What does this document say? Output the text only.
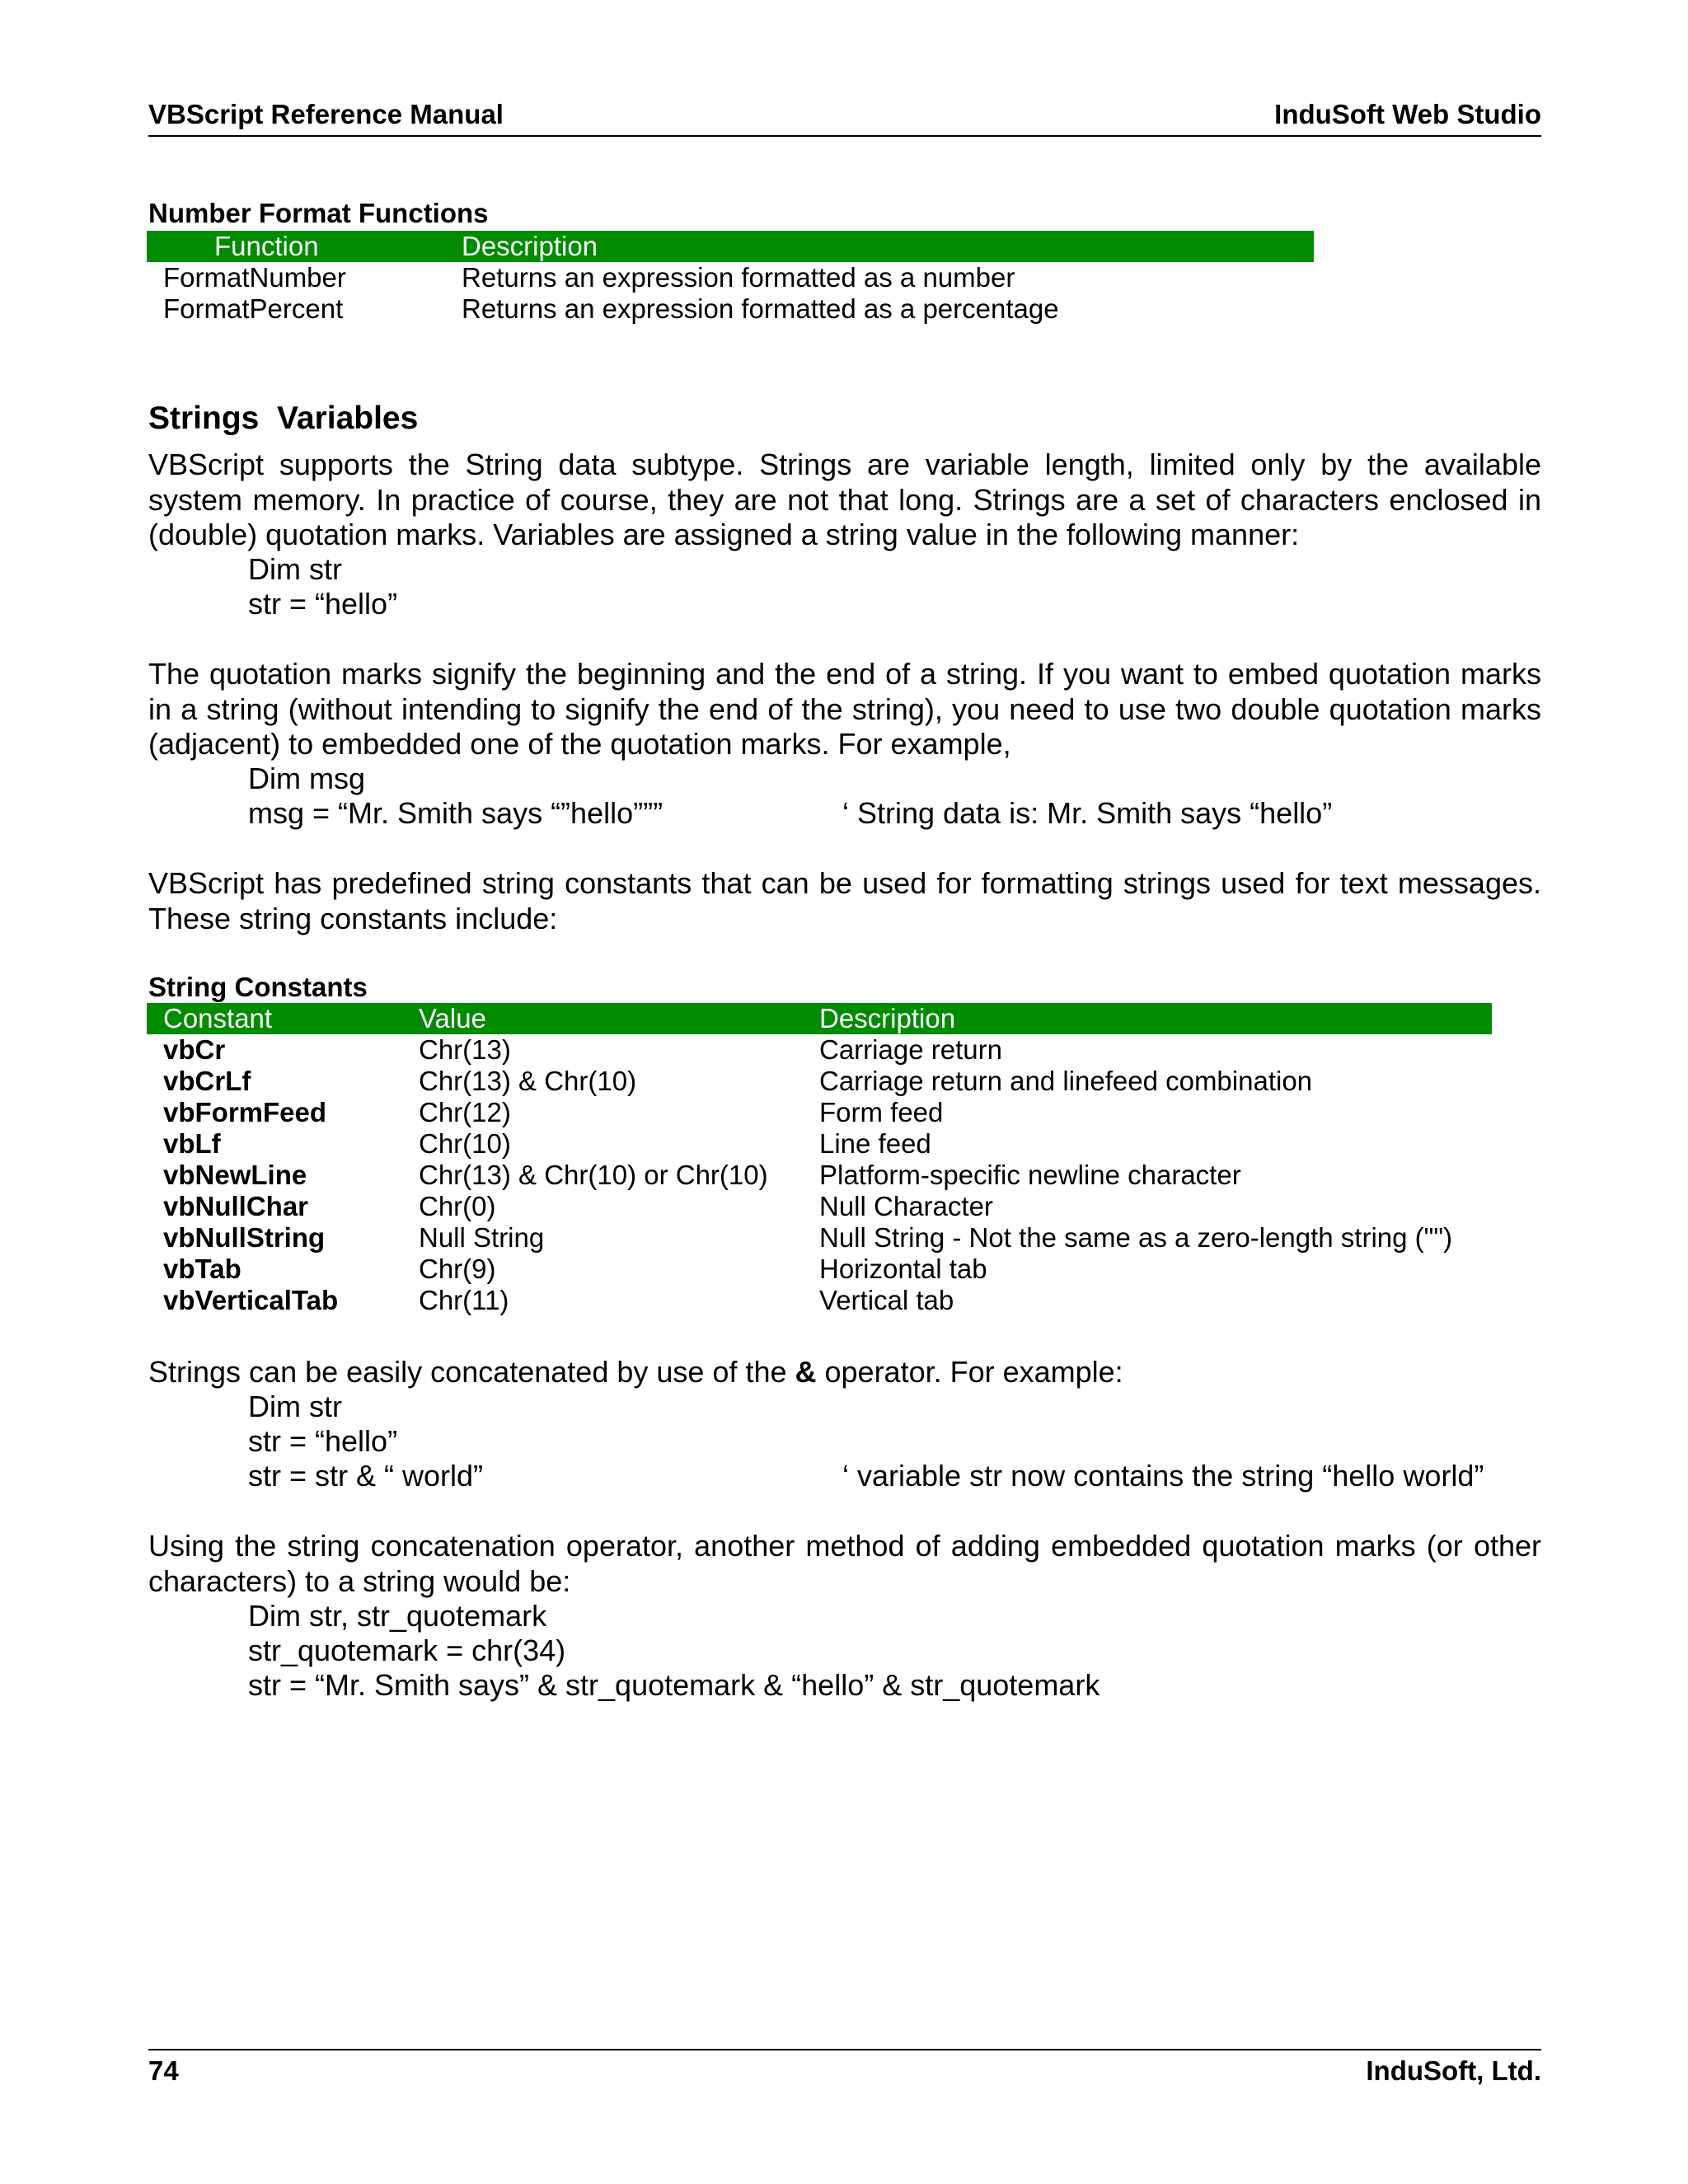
VBScript Reference Manual	InduSoft Web Studio
Number Format Functions
Function	Description
FormatNumber	Returns an expression formatted as a number
FormatPercent	Returns an expression formatted as a percentage
Strings  Variables
VBScript supports the String data subtype. Strings are variable length, limited only by the available system memory. In practice of course, they are not that long. Strings are a set of characters enclosed in (double) quotation marks. Variables are assigned a string value in the following manner:
Dim str
str = “hello”
The quotation marks signify the beginning and the end of a string. If you want to embed quotation marks in a string (without intending to signify the end of the string), you need to use two double quotation marks (adjacent) to embedded one of the quotation marks. For example,
Dim msg
msg = “Mr. Smith says “”hello”””	‘ String data is: Mr. Smith says “hello”
VBScript has predefined string constants that can be used for formatting strings used for text messages. These string constants include:
String Constants
Constant	Value	Description
vbCr	Chr(13)	Carriage return
vbCrLf	Chr(13) & Chr(10)	Carriage return and linefeed combination
vbFormFeed	Chr(12)	Form feed
vbLf	Chr(10)	Line feed
vbNewLine	Chr(13) & Chr(10) or Chr(10)	Platform-specific newline character
vbNullChar	Chr(0)	Null Character
vbNullString	Null String	Null String - Not the same as a zero-length string ("")
vbTab	Chr(9)	Horizontal tab
vbVerticalTab	Chr(11)	Vertical tab
Strings can be easily concatenated by use of the & operator. For example:
Dim str
str = “hello”
str = str & “ world”	‘ variable str now contains the string “hello world”
Using the string concatenation operator, another method of adding embedded quotation marks (or other characters) to a string would be:
Dim str, str_quotemark
str_quotemark = chr(34)
str = “Mr. Smith says” & str_quotemark & “hello” & str_quotemark
74	InduSoft, Ltd.
